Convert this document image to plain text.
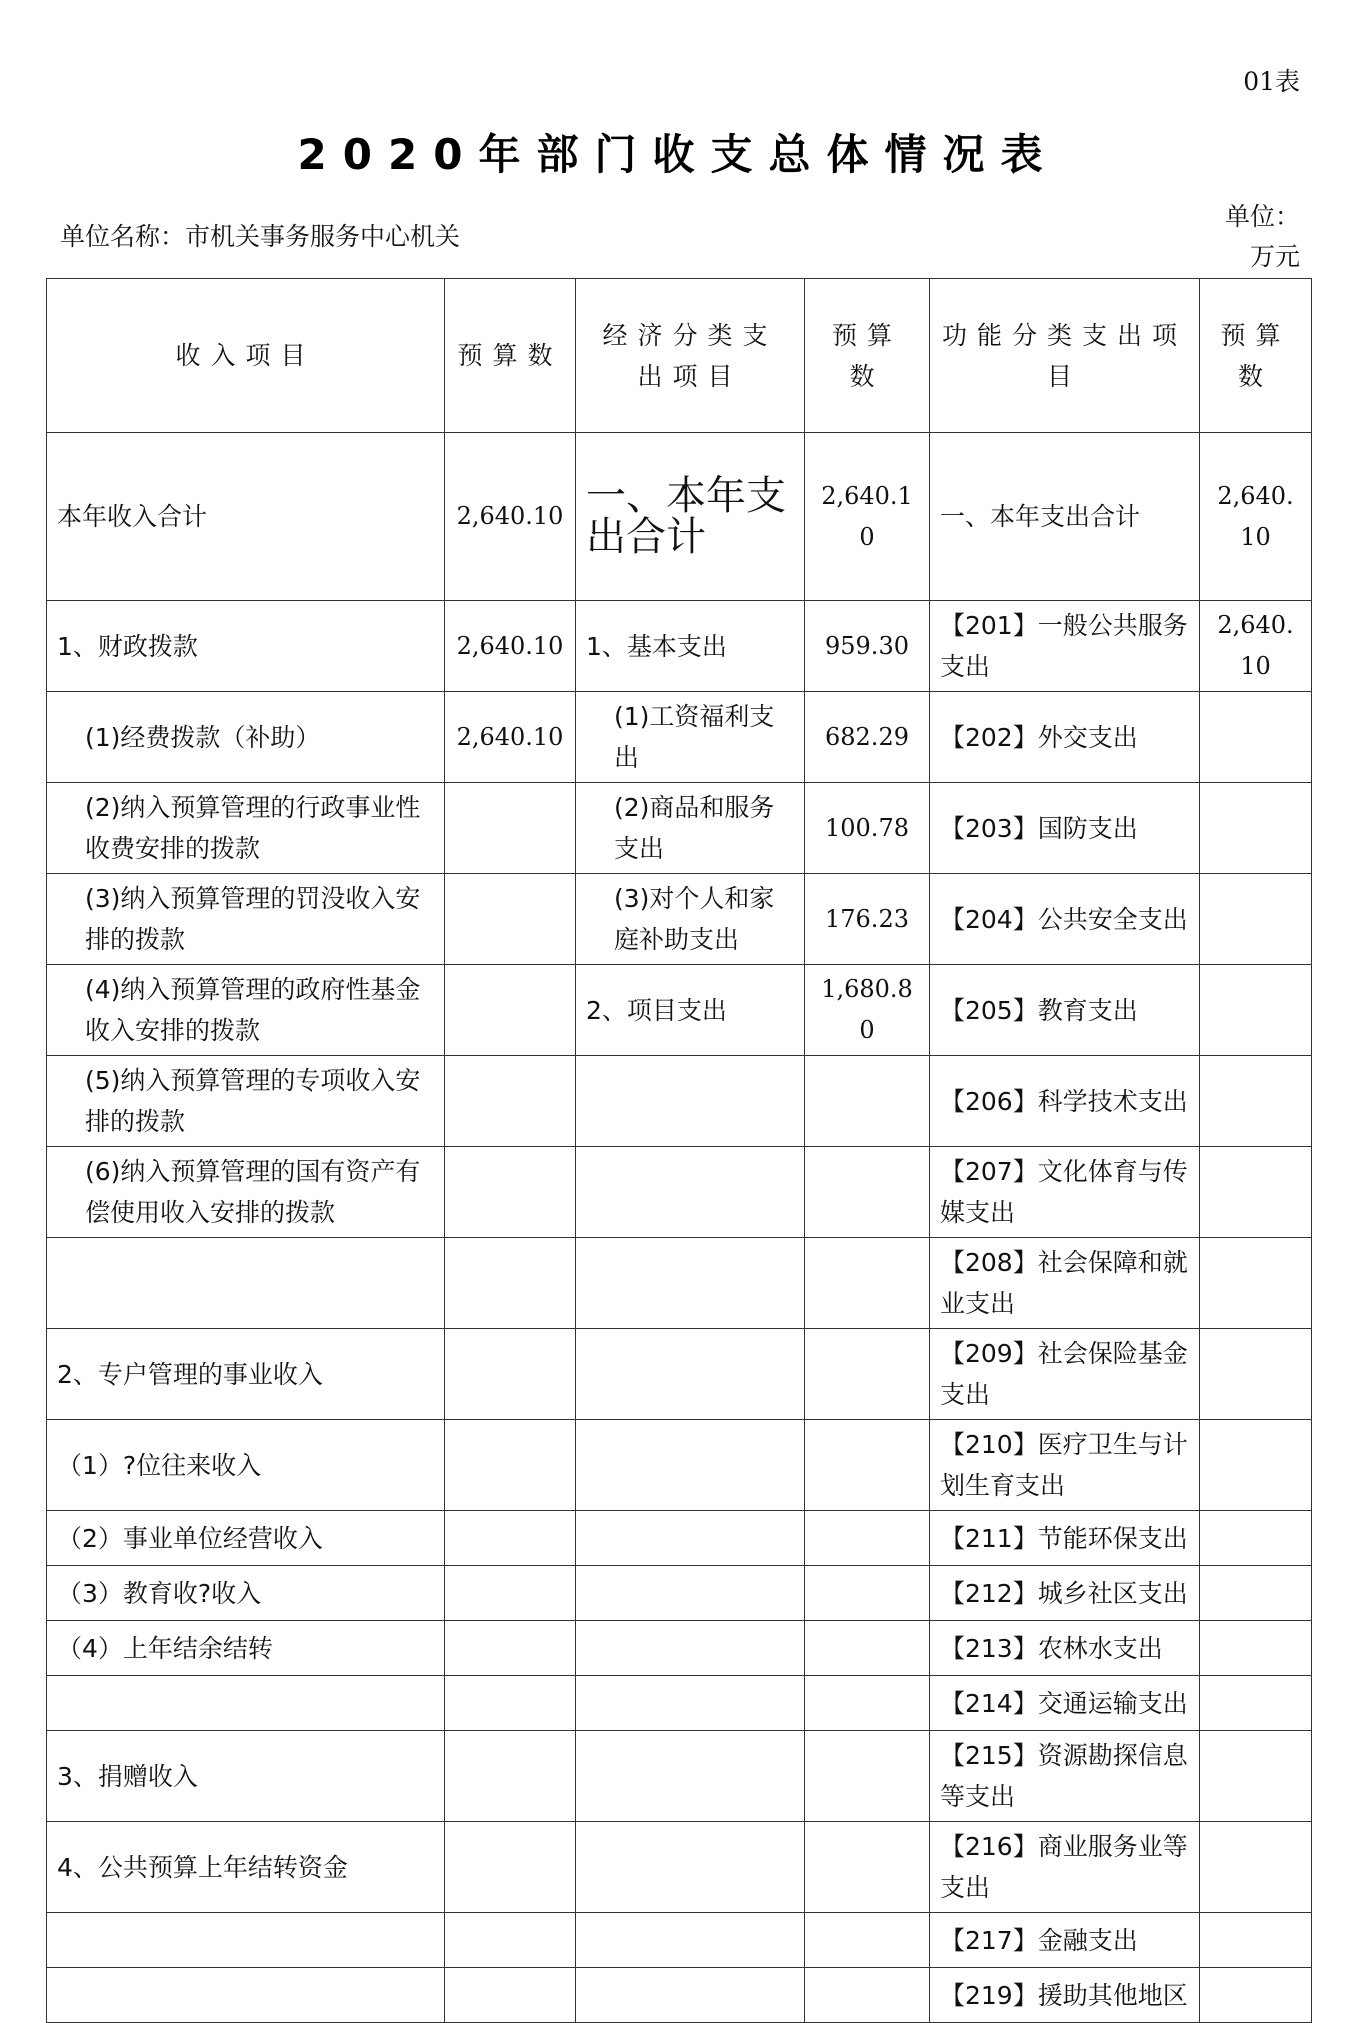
01表
2020年部门收支总体情况表
单位名称：市机关事务服务中心机关
单位：
万元
收入项目	预算数	经济分类支出项目	预算数	功能分类支出项目	预算数
本年收入合计	2,640.10	一、本年支出合计	2,640.10	一、本年支出合计	2,640.10
1、财政拨款	2,640.10	1、基本支出	959.30	【201】一般公共服务支出	2,640.10
(1)经费拨款（补助）	2,640.10	(1)工资福利支出	682.29	【202】外交支出	
(2)纳入预算管理的行政事业性收费安排的拨款		(2)商品和服务支出	100.78	【203】国防支出	
(3)纳入预算管理的罚没收入安排的拨款		(3)对个人和家庭补助支出	176.23	【204】公共安全支出	
(4)纳入预算管理的政府性基金收入安排的拨款		2、项目支出	1,680.80	【205】教育支出	
(5)纳入预算管理的专项收入安排的拨款				【206】科学技术支出	
(6)纳入预算管理的国有资产有偿使用收入安排的拨款				【207】文化体育与传媒支出	
				【208】社会保障和就业支出	
2、专户管理的事业收入				【209】社会保险基金支出	
（1）?位往来收入				【210】医疗卫生与计划生育支出	
（2）事业单位经营收入				【211】节能环保支出	
（3）教育收?收入				【212】城乡社区支出	
（4）上年结余结转				【213】农林水支出	
				【214】交通运输支出	
3、捐赠收入				【215】资源勘探信息等支出	
4、公共预算上年结转资金				【216】商业服务业等支出	
				【217】金融支出	
				【219】援助其他地区	
